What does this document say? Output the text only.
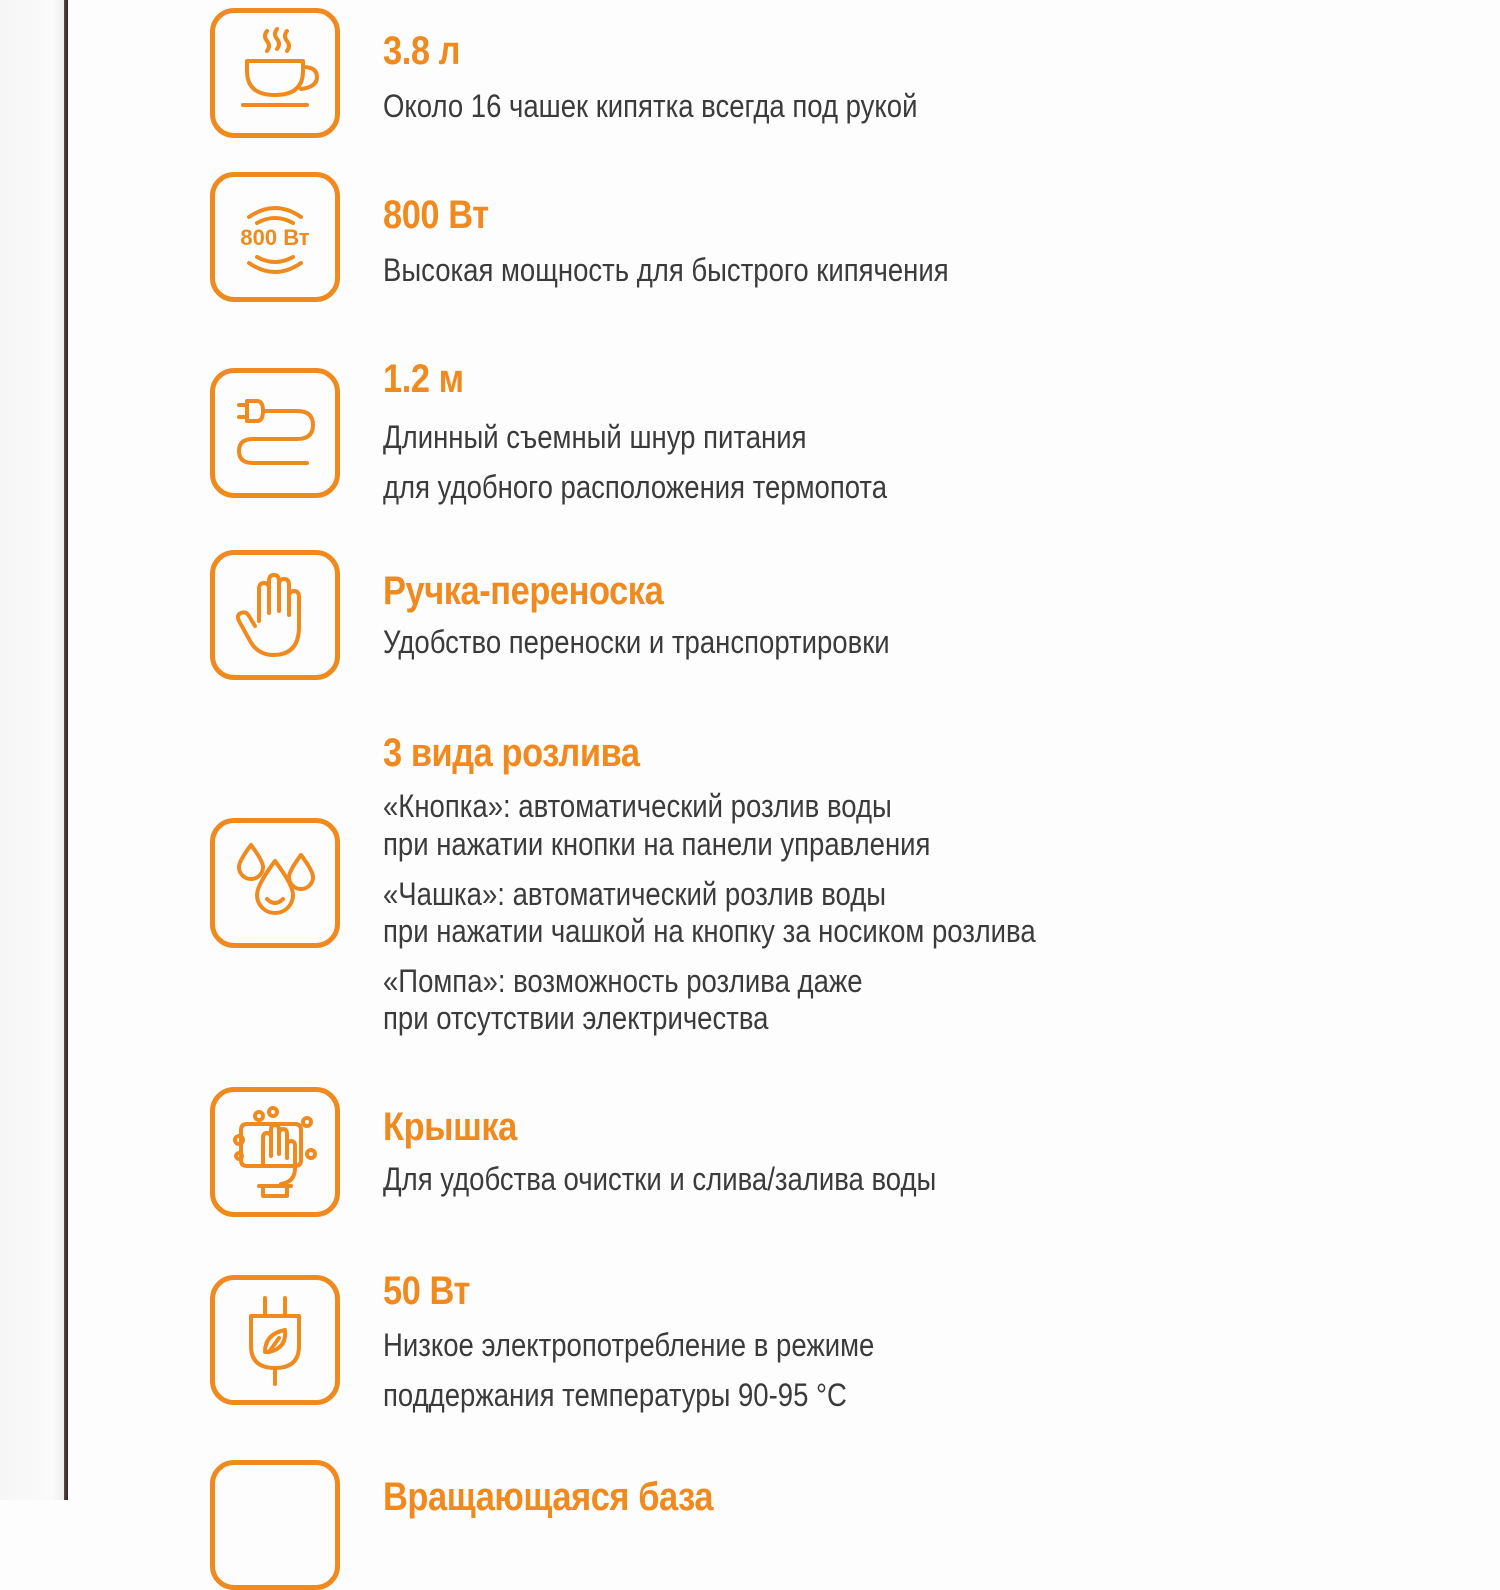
3.8 л
Около 16 чашек кипятка всегда под рукой
800 Вт
800 Вт
Высокая мощность для быстрого кипячения
1.2 м
Длинный съемный шнур питания
для удобного расположения термопота
Ручка-переноска
Удобство переноски и транспортировки
3 вида розлива
«Кнопка»: автоматический розлив воды
при нажатии кнопки на панели управления
«Чашка»: автоматический розлив воды
при нажатии чашкой на кнопку за носиком розлива
«Помпа»: возможность розлива даже
при отсутствии электричества
Крышка
Для удобства очистки и слива/залива воды
50 Вт
Низкое электропотребление в режиме
поддержания температуры 90-95 °С
Вращающаяся база
